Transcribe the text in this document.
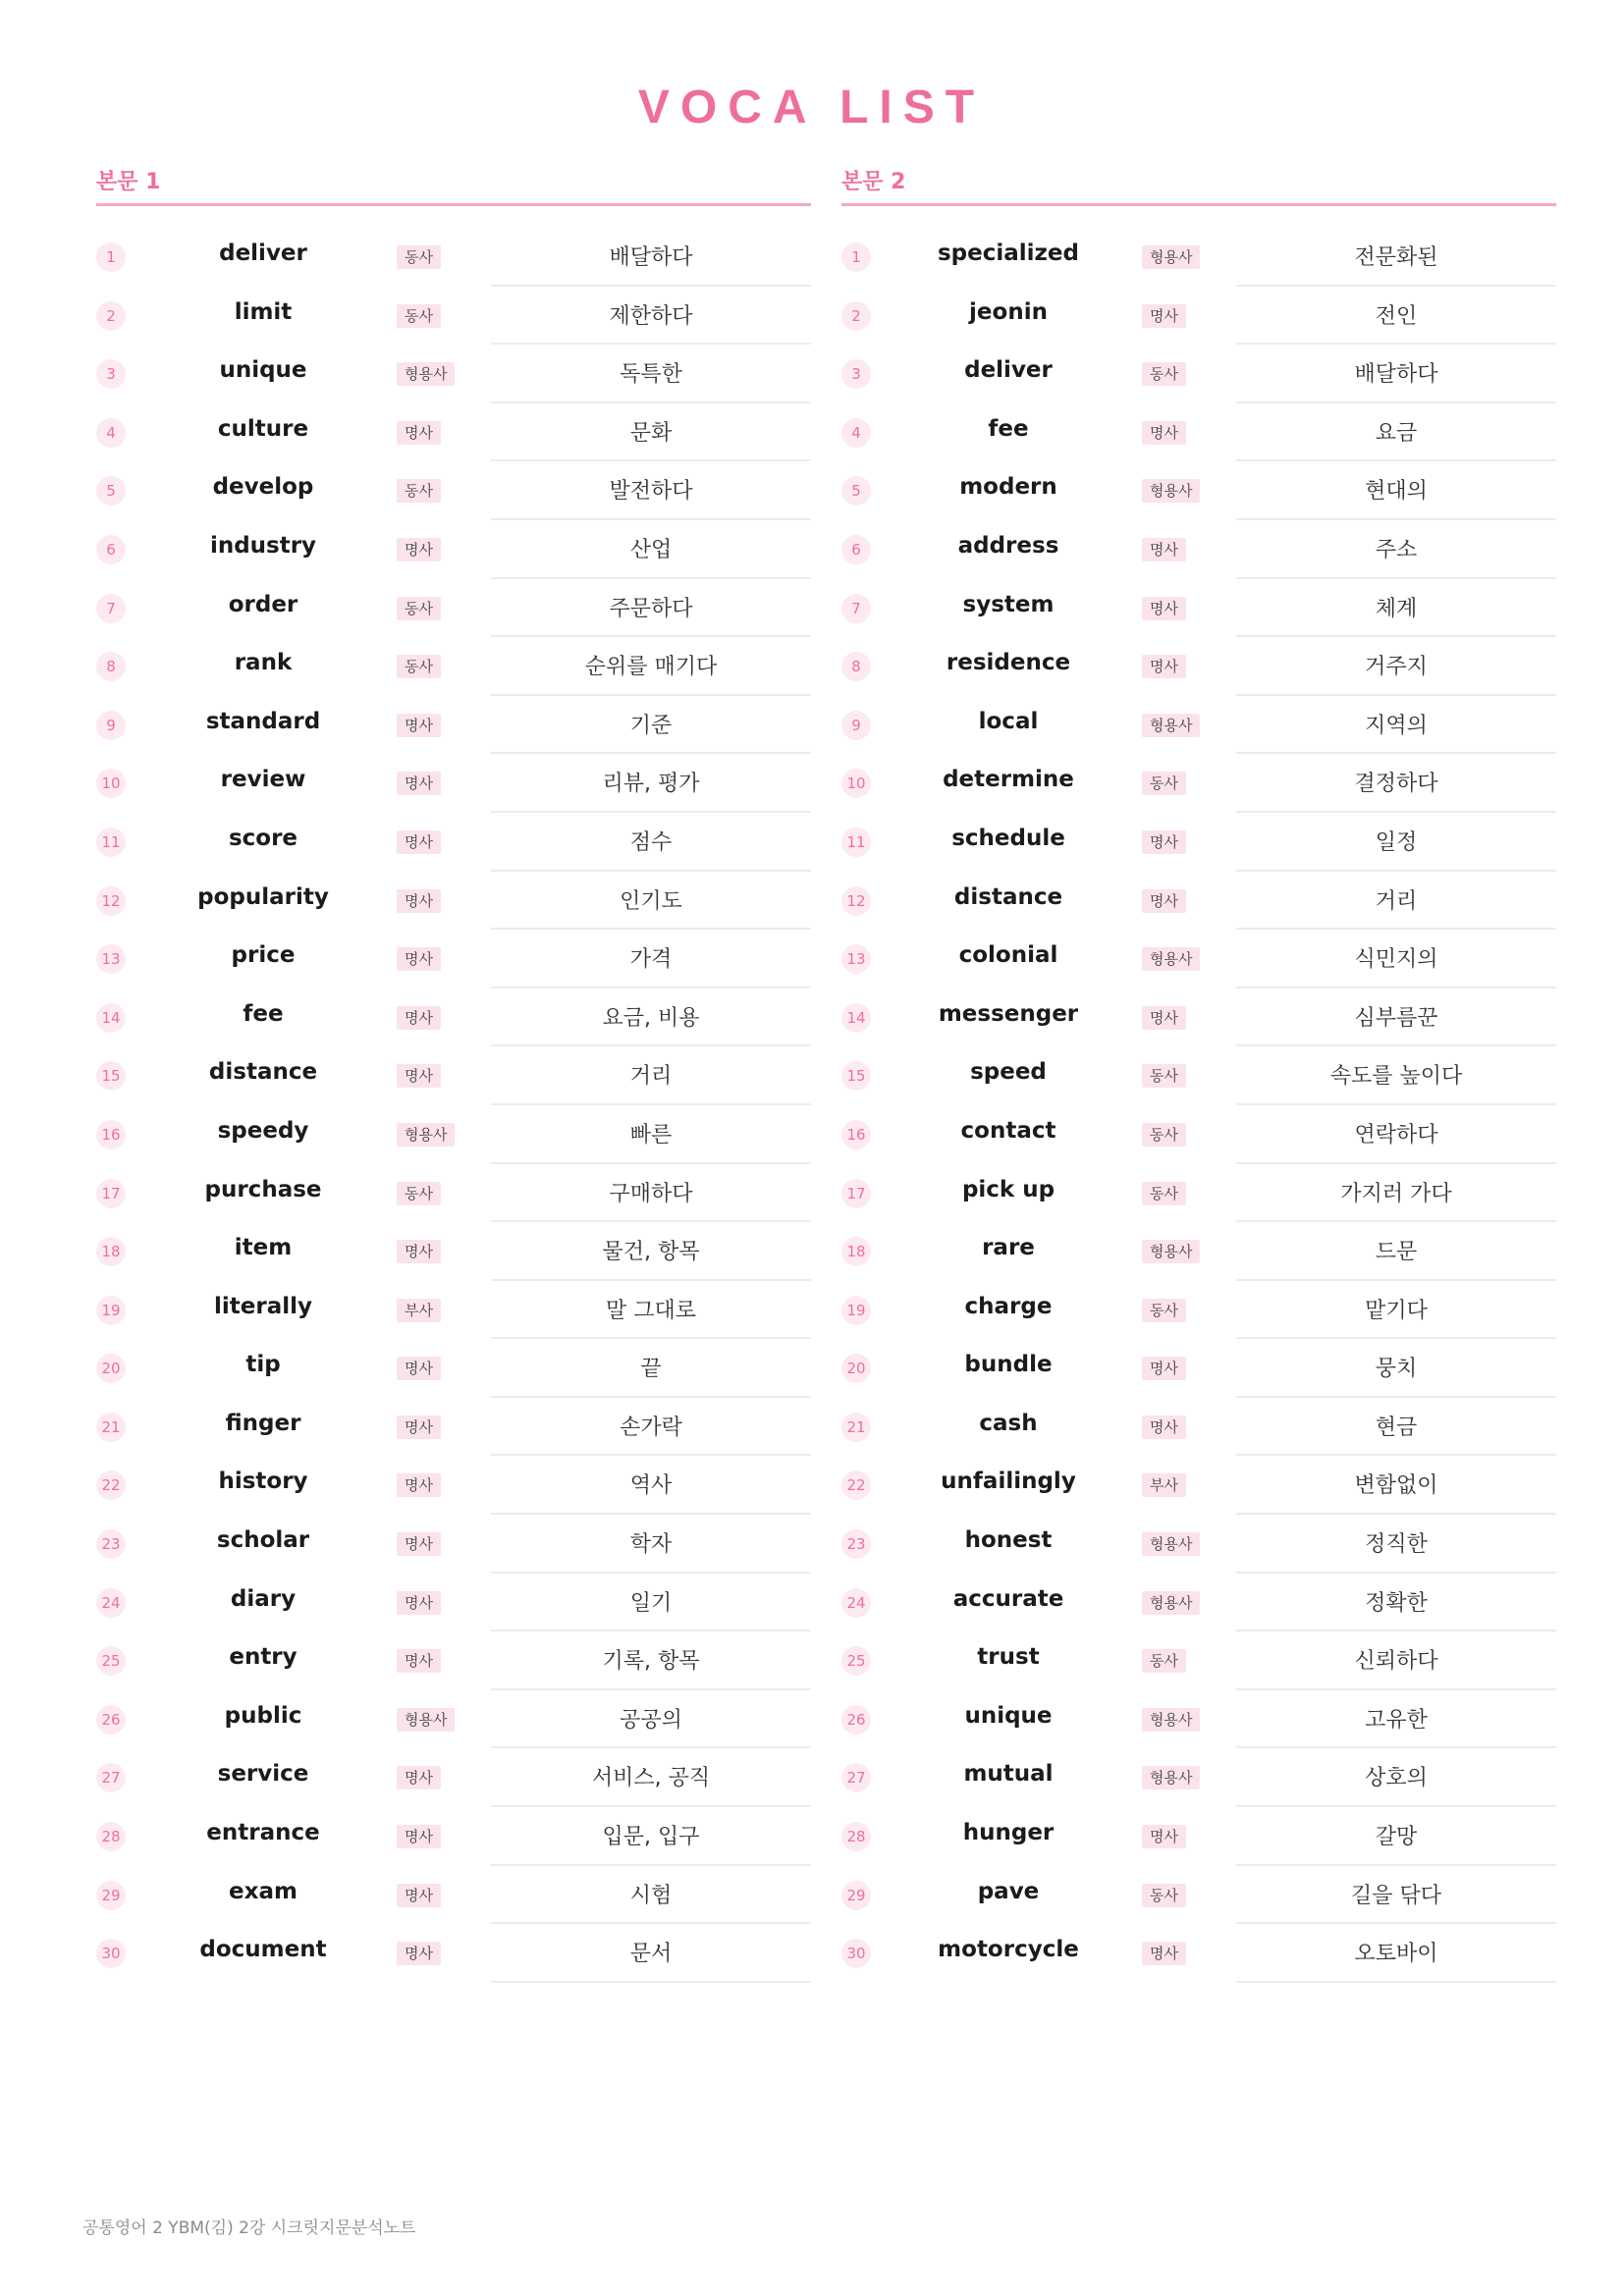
VOCA LIST
본문 1
1	deliver	동사	배달하다
2	limit	동사	제한하다
3	unique	형용사	독특한
4	culture	명사	문화
5	develop	동사	발전하다
6	industry	명사	산업
7	order	동사	주문하다
8	rank	동사	순위를 매기다
9	standard	명사	기준
10	review	명사	리뷰, 평가
11	score	명사	점수
12	popularity	명사	인기도
13	price	명사	가격
14	fee	명사	요금, 비용
15	distance	명사	거리
16	speedy	형용사	빠른
17	purchase	동사	구매하다
18	item	명사	물건, 항목
19	literally	부사	말 그대로
20	tip	명사	끝
21	finger	명사	손가락
22	history	명사	역사
23	scholar	명사	학자
24	diary	명사	일기
25	entry	명사	기록, 항목
26	public	형용사	공공의
27	service	명사	서비스, 공직
28	entrance	명사	입문, 입구
29	exam	명사	시험
30	document	명사	문서
본문 2
1	specialized	형용사	전문화된
2	jeonin	명사	전인
3	deliver	동사	배달하다
4	fee	명사	요금
5	modern	형용사	현대의
6	address	명사	주소
7	system	명사	체계
8	residence	명사	거주지
9	local	형용사	지역의
10	determine	동사	결정하다
11	schedule	명사	일정
12	distance	명사	거리
13	colonial	형용사	식민지의
14	messenger	명사	심부름꾼
15	speed	동사	속도를 높이다
16	contact	동사	연락하다
17	pick up	동사	가지러 가다
18	rare	형용사	드문
19	charge	동사	맡기다
20	bundle	명사	뭉치
21	cash	명사	현금
22	unfailingly	부사	변함없이
23	honest	형용사	정직한
24	accurate	형용사	정확한
25	trust	동사	신뢰하다
26	unique	형용사	고유한
27	mutual	형용사	상호의
28	hunger	명사	갈망
29	pave	동사	길을 닦다
30	motorcycle	명사	오토바이
공통영어 2 YBM(김) 2강 시크릿지문분석노트
